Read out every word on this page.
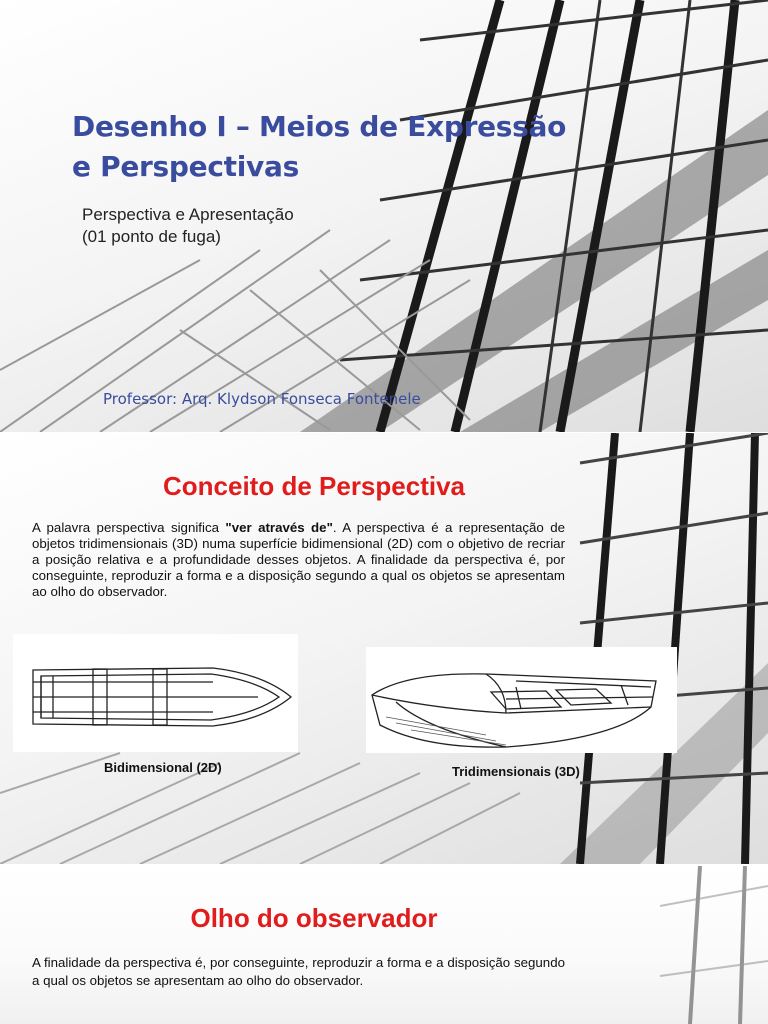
Desenho I – Meios de Expressão e Perspectivas
Perspectiva e Apresentação
(01 ponto de fuga)

Professor: Arq. Klydson Fonseca Fontenele

Conceito de Perspectiva

A palavra perspectiva significa "ver através de". A perspectiva é a representação de objetos tridimensionais (3D) numa superfície bidimensional (2D) com o objetivo de recriar a posição relativa e a profundidade desses objetos. A finalidade da perspectiva é, por conseguinte, reproduzir a forma e a disposição segundo a qual os objetos se apresentam ao olho do observador.

Bidimensional (2D)	Tridimensionais (3D)

Olho do observador

A finalidade da perspectiva é, por conseguinte, reproduzir a forma e a disposição segundo a qual os objetos se apresentam ao olho do observador.
